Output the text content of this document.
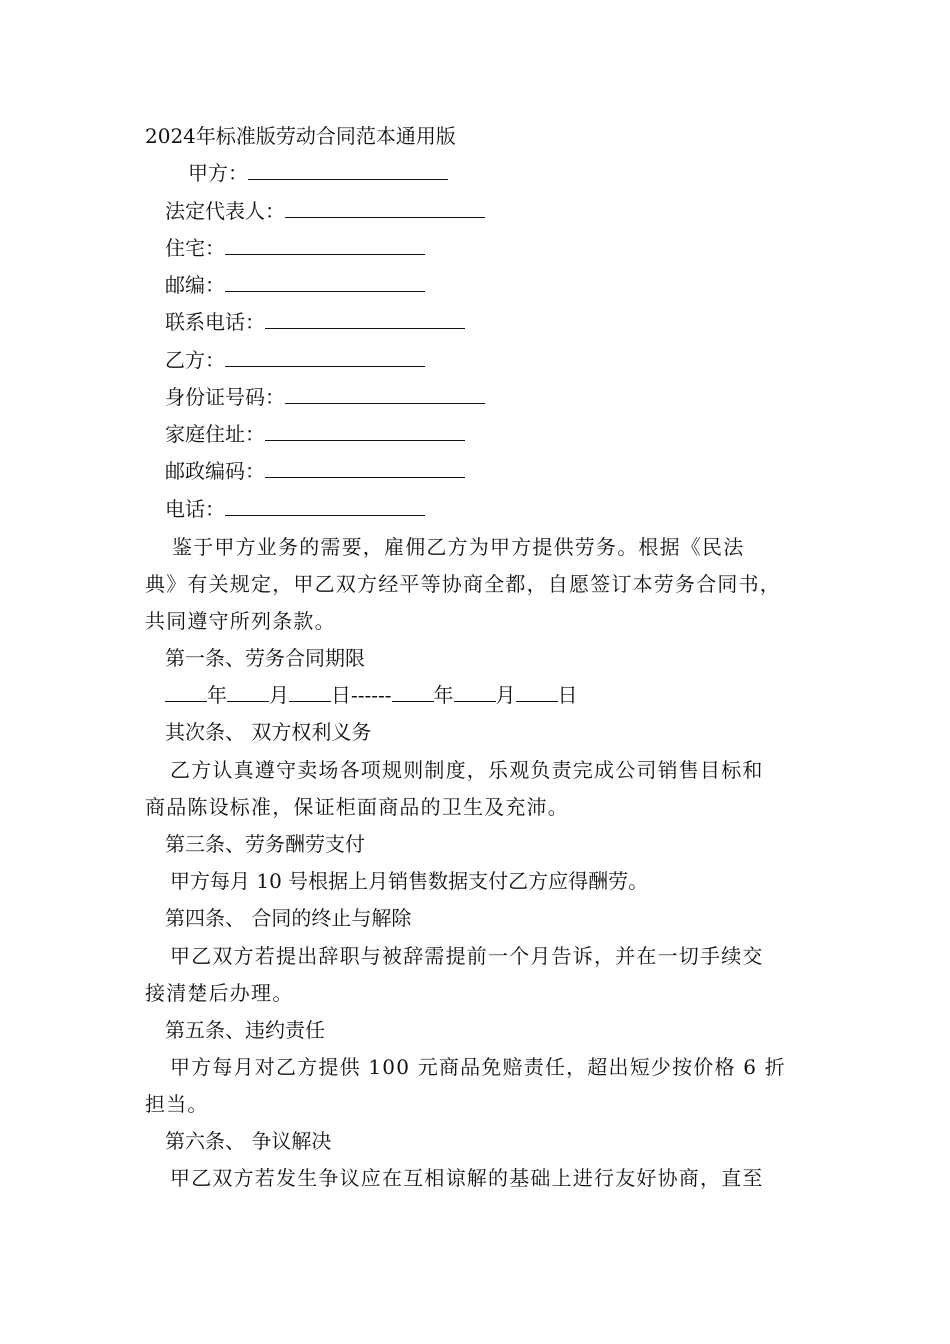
2024年标准版劳动合同范本通用版
甲方：
法定代表人：
住宅：
邮编：
联系电话：
乙方：
身份证号码：
家庭住址：
邮政编码：
电话：
鉴于甲方业务的需要，雇佣乙方为甲方提供劳务。根据《民法
典》有关规定，甲乙双方经平等协商全都，自愿签订本劳务合同书，
共同遵守所列条款。
第一条、劳务合同期限
年 月 日------ 年 月 日
其次条、 双方权利义务
乙方认真遵守卖场各项规则制度，乐观负责完成公司销售目标和
商品陈设标准，保证柜面商品的卫生及充沛。
第三条、劳务酬劳支付
甲方每月 10 号根据上月销售数据支付乙方应得酬劳。
第四条、 合同的终止与解除
甲乙双方若提出辞职与被辞需提前一个月告诉，并在一切手续交
接清楚后办理。
第五条、违约责任
甲方每月对乙方提供 100 元商品免赔责任，超出短少按价格 6 折
担当。
第六条、 争议解决
甲乙双方若发生争议应在互相谅解的基础上进行友好协商，直至
